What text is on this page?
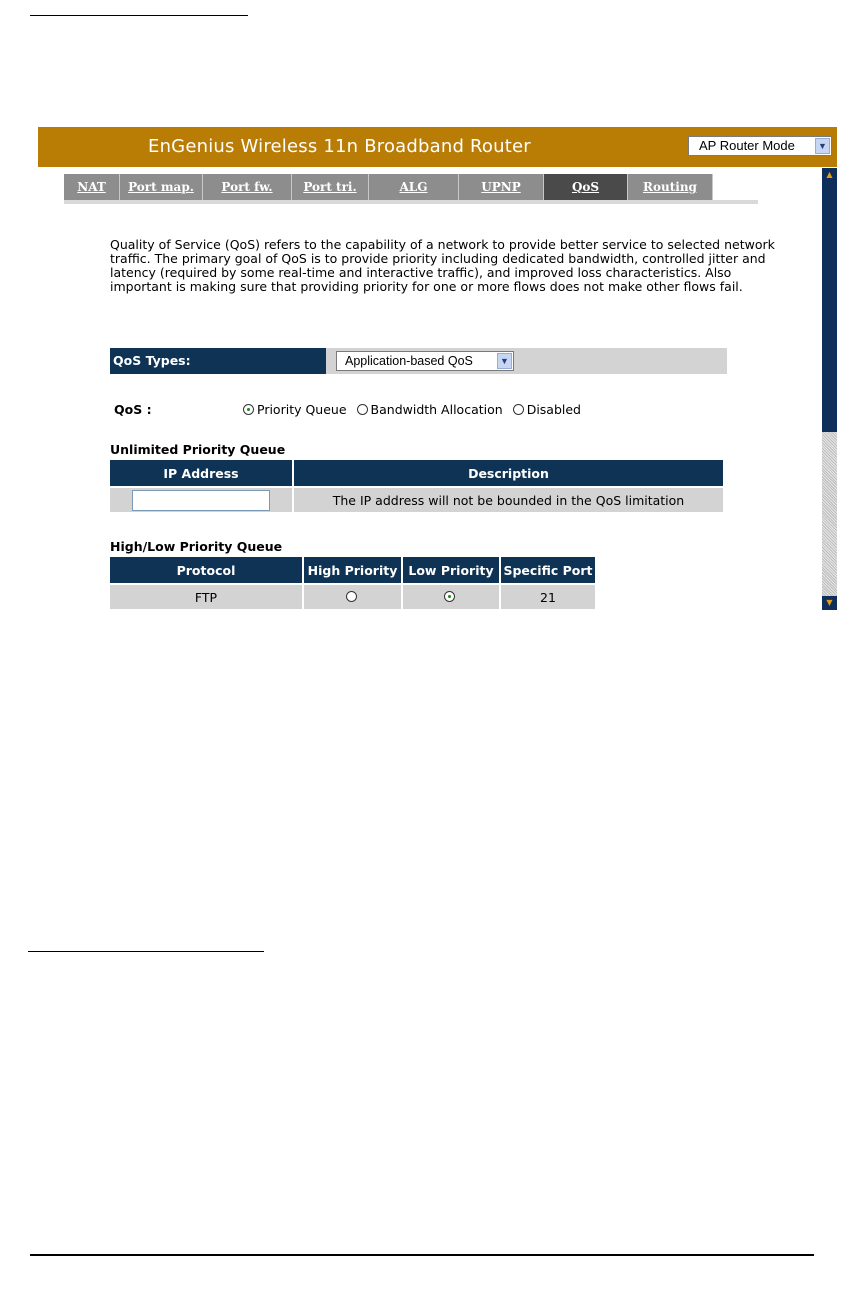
EnGenius Wireless 11n Broadband Router	AP Router Mode	▼
NAT	Port map.	Port fw.	Port tri.	ALG	UPNP	QoS	Routing
▲
▼

Quality of Service (QoS) refers to the capability of a network to provide better service to selected network traffic. The primary goal of QoS is to provide priority including dedicated bandwidth, controlled jitter and latency (required by some real-time and interactive traffic), and improved loss characteristics. Also important is making sure that providing priority for one or more flows does not make other flows fail.

QoS Types:	Application-based QoS	▼
QoS :	Priority Queue Bandwidth Allocation Disabled
Unlimited Priority Queue
IP Address	Description
	The IP address will not be bounded in the QoS limitation
High/Low Priority Queue
Protocol	High Priority	Low Priority	Specific Port
FTP			21
